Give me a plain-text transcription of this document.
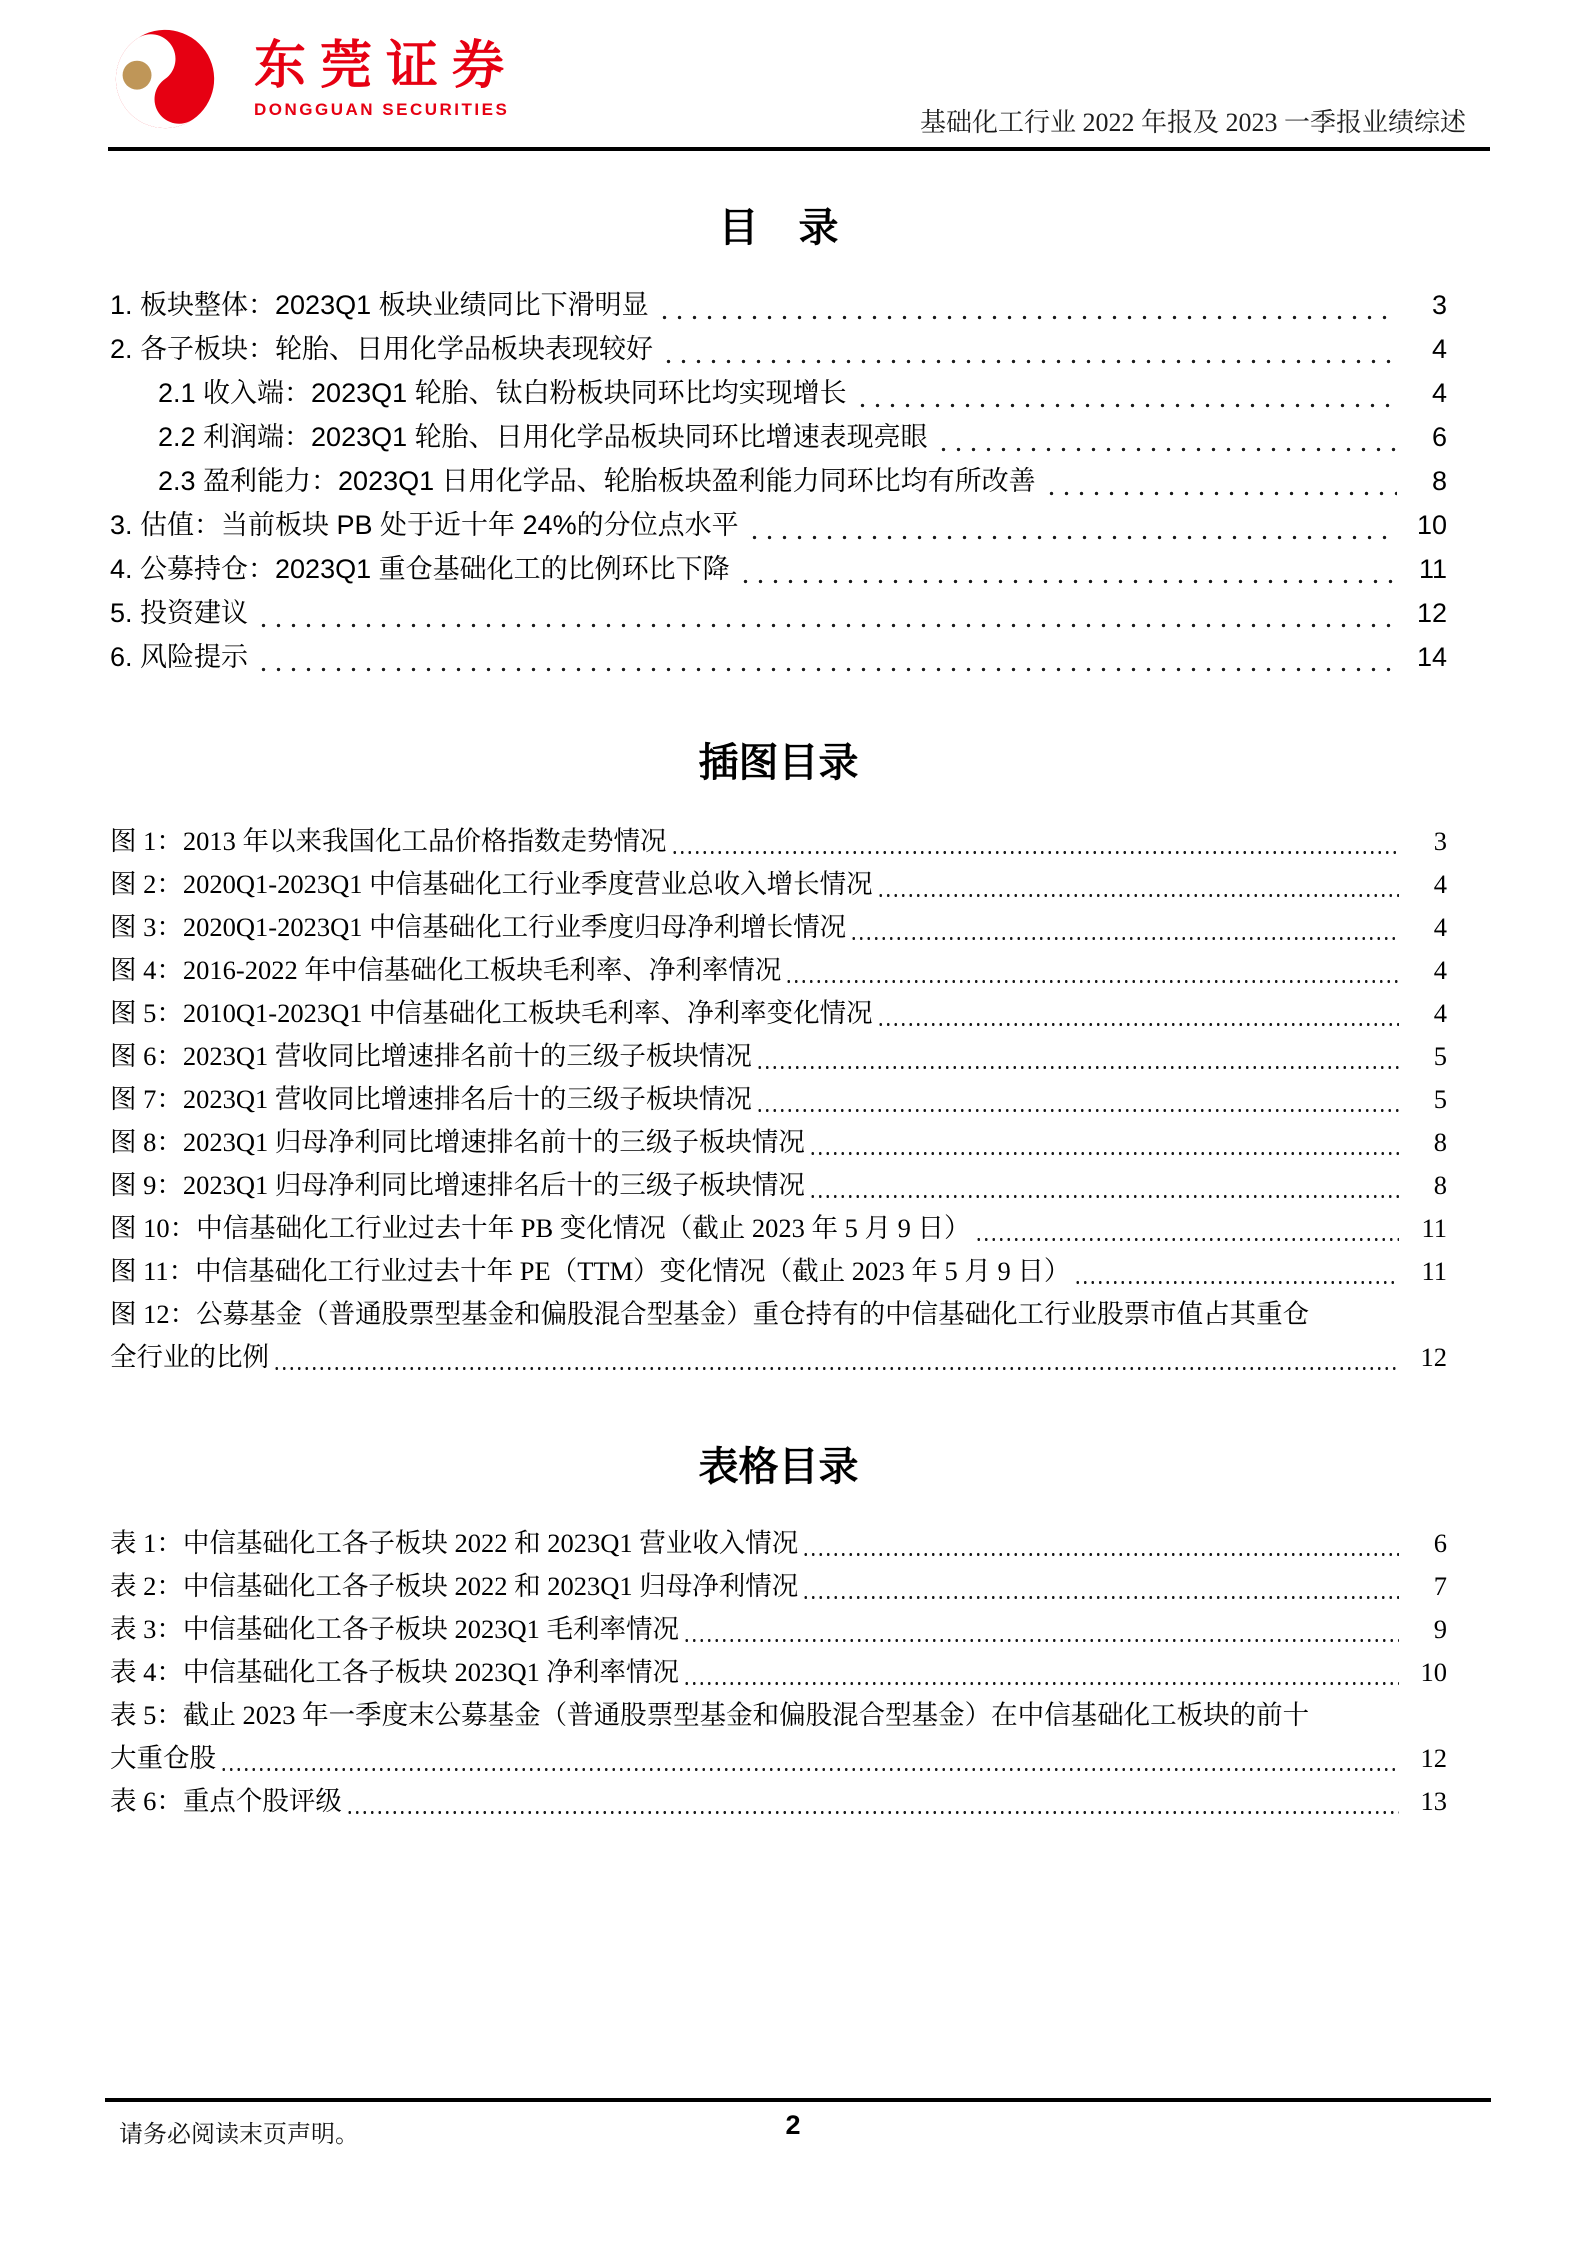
东莞证券
DONGGUAN SECURITIES	基础化工行业 2022 年报及 2023 一季报业绩综述
目　录
1. 板块整体：2023Q1 板块业绩同比下滑明显	3
2. 各子板块：轮胎、日用化学品板块表现较好	4
2.1 收入端：2023Q1 轮胎、钛白粉板块同环比均实现增长	4
2.2 利润端：2023Q1 轮胎、日用化学品板块同环比增速表现亮眼	6
2.3 盈利能力：2023Q1 日用化学品、轮胎板块盈利能力同环比均有所改善	8
3. 估值：当前板块 PB 处于近十年 24%的分位点水平	10
4. 公募持仓：2023Q1 重仓基础化工的比例环比下降	11
5. 投资建议	12
6. 风险提示	14
插图目录
图 1：2013 年以来我国化工品价格指数走势情况	3
图 2：2020Q1-2023Q1 中信基础化工行业季度营业总收入增长情况	4
图 3：2020Q1-2023Q1 中信基础化工行业季度归母净利增长情况	4
图 4：2016-2022 年中信基础化工板块毛利率、净利率情况	4
图 5：2010Q1-2023Q1 中信基础化工板块毛利率、净利率变化情况	4
图 6：2023Q1 营收同比增速排名前十的三级子板块情况	5
图 7：2023Q1 营收同比增速排名后十的三级子板块情况	5
图 8：2023Q1 归母净利同比增速排名前十的三级子板块情况	8
图 9：2023Q1 归母净利同比增速排名后十的三级子板块情况	8
图 10：中信基础化工行业过去十年 PB 变化情况（截止 2023 年 5 月 9 日）	11
图 11：中信基础化工行业过去十年 PE（TTM）变化情况（截止 2023 年 5 月 9 日）	11
图 12：公募基金（普通股票型基金和偏股混合型基金）重仓持有的中信基础化工行业股票市值占其重仓
全行业的比例	12
表格目录
表 1：中信基础化工各子板块 2022 和 2023Q1 营业收入情况	6
表 2：中信基础化工各子板块 2022 和 2023Q1 归母净利情况	7
表 3：中信基础化工各子板块 2023Q1 毛利率情况	9
表 4：中信基础化工各子板块 2023Q1 净利率情况	10
表 5：截止 2023 年一季度末公募基金（普通股票型基金和偏股混合型基金）在中信基础化工板块的前十
大重仓股	12
表 6：重点个股评级	13
请务必阅读末页声明。	2
